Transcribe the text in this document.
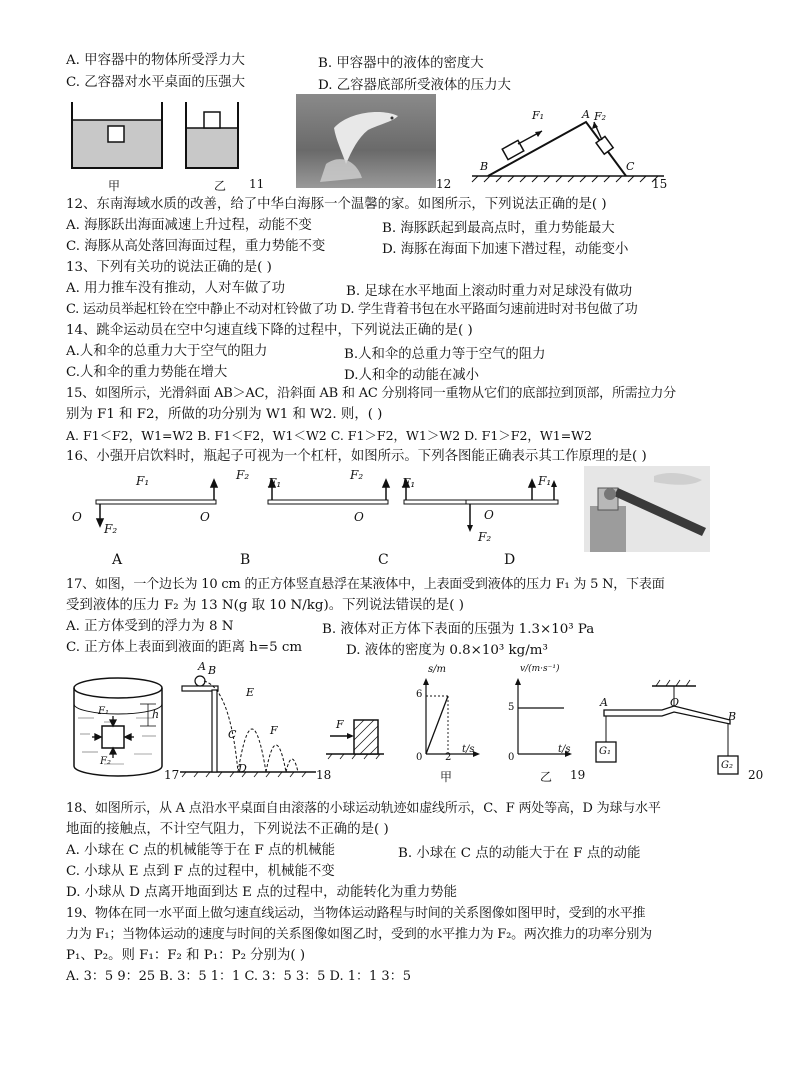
A. 甲容器中的物体所受浮力大	B. 甲容器中的液体的密度大
C. 乙容器对水平桌面的压强大	D. 乙容器底部所受液体的压力大
甲	乙 11	12
F₁	F₂
A
B	C
15
12、东南海域水质的改善，给了中华白海豚一个温馨的家。如图所示，下列说法正确的是( )
A. 海豚跃出海面减速上升过程，动能不变	B. 海豚跃起到最高点时，重力势能最大
C. 海豚从高处落回海面过程，重力势能不变	D. 海豚在海面下加速下潜过程，动能变小
13、下列有关功的说法正确的是( )
A. 用力推车没有推动，人对车做了功	B. 足球在水平地面上滚动时重力对足球没有做功
C. 运动员举起杠铃在空中静止不动对杠铃做了功 D. 学生背着书包在水平路面匀速前进时对书包做了功
14、跳伞运动员在空中匀速直线下降的过程中，下列说法正确的是( )
A.人和伞的总重力大于空气的阻力	B.人和伞的总重力等于空气的阻力
C.人和伞的重力势能在增大	D.人和伞的动能在减小
15、如图所示，光滑斜面 AB＞AC，沿斜面 AB 和 AC 分别将同一重物从它们的底部拉到顶部，所需拉力分
别为 F1 和 F2，所做的功分别为 W1 和 W2. 则，( )
A. F1＜F2，W1=W2 B. F1＜F2，W1＜W2 C. F1＞F2，W1＞W2 D. F1＞F2，W1=W2
16、小强开启饮料时，瓶起子可视为一个杠杆，如图所示。下列各图能正确表示其工作原理的是( )
F₁
O
F₂
A
F₂
F₁
O
B
F₂
F₁
O
C
F₁
O
F₂
D
17、如图，一个边长为 10 cm 的正方体竖直悬浮在某液体中，上表面受到液体的压力 F₁ 为 5 N，下表面
受到液体的压力 F₂ 为 13 N(g 取 10 N/kg)。下列说法错误的是( )
A. 正方体受到的浮力为 8 N	B. 液体对正方体下表面的压强为 1.3×10³ Pa
C. 正方体上表面到液面的距离 h=5 cm	D. 液体的密度为 0.8×10³ kg/m³
h
F₁
F₂
17
A B
C
D
E
F
18
F
s/m
t/s
6
0 2
甲
v/(m·s⁻¹)
5
0
t/s
乙 19
A	O
B
G₁
G₂
20
18、如图所示，从 A 点沿水平桌面自由滚落的小球运动轨迹如虚线所示，C、F 两处等高，D 为球与水平
地面的接触点，不计空气阻力，下列说法不正确的是( )
A. 小球在 C 点的机械能等于在 F 点的机械能	B. 小球在 C 点的动能大于在 F 点的动能
C. 小球从 E 点到 F 点的过程中，机械能不变
D. 小球从 D 点离开地面到达 E 点的过程中，动能转化为重力势能
19、物体在同一水平面上做匀速直线运动，当物体运动路程与时间的关系图像如图甲时，受到的水平推
力为 F₁；当物体运动的速度与时间的关系图像如图乙时，受到的水平推力为 F₂。两次推力的功率分别为
P₁、P₂。则 F₁：F₂ 和 P₁：P₂ 分别为( )
A. 3：5 9：25 B. 3：5 1：1 C. 3：5 3：5 D. 1：1 3：5
